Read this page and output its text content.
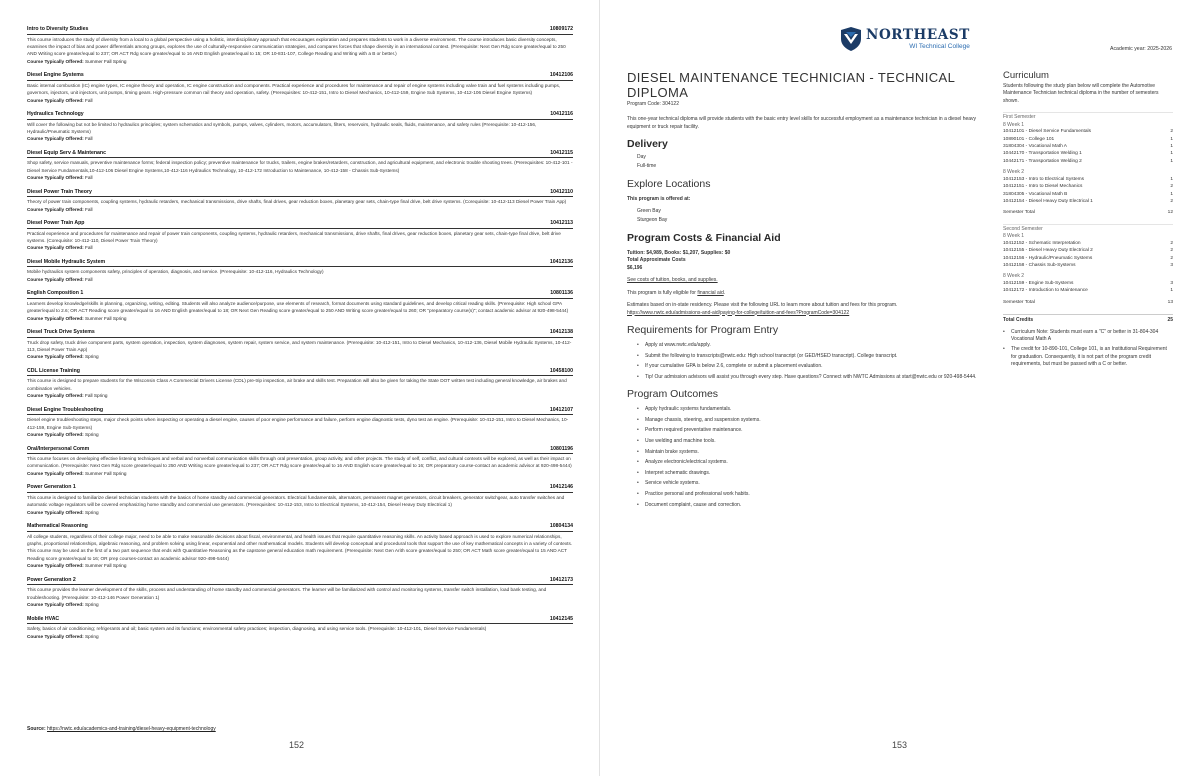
Intro to Diversity Studies	10809172
This course introduces the study of diversity from a local to a global perspective using a holistic, interdisciplinary approach that encourages exploration and prepares students to work in a diverse environment. The course introduces basic diversity concepts, examines the impact of bias and power differentials among groups, explores the use of culturally-responsive communication strategies, and compares forces that shape diversity in an international context. (Prerequisite: Next Gen Rdg score greater/equal to 250 AND Writing score greater/equal to 237; OR ACT Rdg score greater/equal to 16 AND English greater/equal to 15; OR 10-831-107, College Reading and Writing with a B or better.)
Course Typically Offered: Summer Fall Spring
Diesel Engine Systems	10412106
Basic internal combustion (IC) engine types, IC engine theory and operation, IC engine construction and components. Practical experience and procedures for maintenance and repair of engine systems including valve train and fuel systems including pumps, governors, injectors, unit injectors, unit pumps, timing gears. High-pressure common rail theory and operation, safety. (Prerequisites: 10-412-151, Intro to Diesel Mechanics, 10-412-159, Engine Sub Systems, 10-412-106 Diesel Engine Systems)
Course Typically Offered: Fall
Hydraulics Technology	10412116
Will cover the following but not be limited to hydraulics principles; system schematics and symbols, pumps, valves, cylinders, motors, accumulators, filters, reservoirs, hydraulic seals, fluids, maintenance, and safety rules (Prerequisite: 10-412-156, Hydraulic/Pneumatic Systems)
Course Typically Offered: Fall
Diesel Equip Serv & Maintenanc	10412115
Shop safety, service manuals, preventive maintenance forms; federal inspection policy; preventive maintenance for trucks, trailers, engine brakes/retarders, construction, and agricultural equipment, and electronic trouble shooting trees. (Prerequisites: 10-412-101 - Diesel Service Fundamentals,10-412-106 Diesel Engine Systems,10-412-116 Hydraulics Technology, 10-412-172 Introduction to Maintenance, 10-412-158 - Chassis Sub-Systems)
Course Typically Offered: Fall
Diesel Power Train Theory	10412110
Theory of power train components, coupling systems, hydraulic retarders, mechanical transmissions, drive shafts, final drives, gear reduction boxes, planetary gear sets, chain-type final drive, belt drive systems. (Corequisite: 10-412-113 Diesel Power Train App)
Course Typically Offered: Fall
Diesel Power Train App	10412113
Practical experience and procedures for maintenance and repair of power train components, coupling systems, hydraulic retarders, mechanical transmissions, drive shafts, final drives, gear reduction boxes, planetary gear sets, chain-type final drive, belt drive systems. (Corequisite: 10-412-110, Diesel Power Train Theory)
Course Typically Offered: Fall
Diesel Mobile Hydraulic System	10412136
Mobile hydraulics system components safety, principles of operation, diagnosis, and service. (Prerequisite: 10-412-116, Hydraulics Technology)
Course Typically Offered: Fall
English Composition 1	10801136
Learners develop knowledge/skills in planning, organizing, writing, editing. Students will also analyze audience/purpose, use elements of research, format documents using standard guidelines, and develop critical reading skills. (Prerequisite: High school GPA greater/equal to 2.6; OR ACT Reading score greater/equal to 16 AND English greater/equal to 18; OR Next Gen Reading score greater/equal to 250 AND Writing score greater/equal to 260; OR "preparatory course(s)"; contact academic advisor at 920-498-5444)
Course Typically Offered: Summer Fall Spring
Diesel Truck Drive Systems	10412138
Truck drop safety, truck drive component parts, system operation, inspection, system diagnoses, system repair, system service, and system maintenance. (Prerequisite: 10-412-151, Intro to Diesel Mechanics, 10-412-136, Diesel Mobile Hydraulic Systems, 10-412-113, Diesel Power Train App)
Course Typically Offered: Spring
CDL License Training	10458100
This course is designed to prepare students for the Wisconsin Class A Commercial Drivers License (CDL) pre-trip inspection, air brake and skills test. Preparation will also be given for taking the State DOT written test including general knowledge, air brakes and combination vehicles.
Course Typically Offered: Fall Spring
Diesel Engine Troubleshooting	10412107
Diesel engine troubleshooting steps, major check points when inspecting or operating a diesel engine, causes of poor engine performance and failure, perform engine diagnostic tests, dyno test an engine. (Prerequisite: 10-412-151, Intro to Diesel Mechanics, 10-412-159, Engine Sub-Systems)
Course Typically Offered: Spring
Oral/Interpersonal Comm	10801196
This course focuses on developing effective listening techniques and verbal and nonverbal communication skills through oral presentation, group activity, and other projects. The study of self, conflict, and cultural contexts will be explored, as well as their impact on communication. (Prerequisite: Next Gen Rdg score greater/equal to 250 AND Writing score greater/equal to 237; OR ACT Rdg score greater/equal to 16 AND English score greater/equal to 16; OR preparatory course-contact an academic advisor at 920-498-5444)
Course Typically Offered: Summer Fall Spring
Power Generation 1	10412146
This course is designed to familiarize diesel technician students with the basics of home standby and commercial generators. Electrical fundamentals, alternators, permanent magnet generators, circuit breakers, generator switchgear, auto transfer switches and automatic voltage regulators will be covered emphasizing home standby and commercial use generators. (Prerequisites: 10-412-153, Intro to Electrical Systems, 10-412-154, Diesel Heavy Duty Electrical 1)
Course Typically Offered: Spring
Mathematical Reasoning	10804134
All college students, regardless of their college major, need to be able to make reasonable decisions about fiscal, environmental, and health issues that require quantitative reasoning skills. An activity based approach is used to explore numerical relationships, graphs, proportional relationships, algebraic reasoning, and problem solving using linear, exponential and other mathematical models. Students will develop conceptual and procedural tools that support the use of key mathematical concepts in a variety of contexts. This course may be used as the first of a two part sequence that ends with Quantitative Reasoning as the capstone general education math requirement. (Prerequisite: Next Gen Arith score greater/equal to 250; OR ACT Math score greater/equal to 15 AND ACT Reading score greater/equal to 16; OR prep courses-contact an academic advisor 920-498-5444)
Course Typically Offered: Summer Fall Spring
Power Generation 2	10412173
This course provides the learner development of the skills, process and understanding of home standby and commercial generators. The learner will be familiarized with control and monitoring systems, transfer switch installation, load bank testing, and troubleshooting. (Prerequisite: 10-412-146 Power Generation 1)
Course Typically Offered: Spring
Mobile HVAC	10412145
Safety, basics of air conditioning; refrigerants and oil; basic system and its functions; environmental safety practices; inspection, diagnosing, and using service tools. (Prerequisite: 10-412-101, Diesel Service Fundamentals)
Course Typically Offered: Spring
Source: https://nwtc.edu/academics-and-training/diesel-heavy-equipment-technology
152
NORTHEAST
WI Technical College	Academic year: 2025-2026
DIESEL MAINTENANCE TECHNICIAN - TECHNICAL DIPLOMA
Program Code: 304122
This one-year technical diploma will provide students with the basic entry level skills for successful employment as a maintenance technician in a diesel heavy equipment or truck repair facility.
Delivery
Day
Full-time
Explore Locations
This program is offered at:
Green Bay
Sturgeon Bay
Program Costs & Financial Aid
Tuition: $4,989, Books: $1,207, Supplies: $0
Total Approximate Costs
$6,196
See costs of tuition, books, and supplies.
This program is fully eligible for financial aid.
Estimates based on in-state residency. Please visit the following URL to learn more about tuition and fees for this program.
https://www.nwtc.edu/admissions-and-aid/paying-for-college/tuition-and-fees?ProgramCode=304122
Requirements for Program Entry
• Apply at www.nwtc.edu/apply.
• Submit the following to transcripts@nwtc.edu: High school transcript (or GED/HSED transcript). College transcript.
• If your cumulative GPA is below 2.6, complete or submit a placement evaluation.
• Tip! Our admission advisors will assist you through every step. Have questions? Connect with NWTC Admissions at start@nwtc.edu or 920-498-5444.
Program Outcomes
• Apply hydraulic systems fundamentals.
• Manage chassis, steering, and suspension systems.
• Perform required preventative maintenance.
• Use welding and machine tools.
• Maintain brake systems.
• Analyze electronic/electrical systems.
• Interpret schematic drawings.
• Service vehicle systems.
• Practice personal and professional work habits.
• Document complaint, cause and correction.
Curriculum
Students following the study plan below will complete the Automotive Maintenance Technician technical diploma in the number of semesters shown.
First Semester
8 Week 1
10412101 - Diesel Service Fundamentals	2
10890101 - College 101	1
31804304 - Vocational Math A	1
10442170 - Transportation Welding 1	1
10442171 - Transportation Welding 2	1
8 Week 2
10412153 - Intro to Electrical Systems	1
10412151 - Intro to Diesel Mechanics	2
31804305 - Vocational Math B	1
10412154 - Diesel Heavy Duty Electrical 1	2
Semester Total	12
Second Semester
8 Week 1
10412152 - Schematic Interpretation	2
10412155 - Diesel Heavy Duty Electrical 2	2
10412156 - Hydraulic/Pneumatic Systems	2
10412158 - Chassis Sub-Systems	3
8 Week 2
10412159 - Engine Sub-Systems	3
10412172 - Introduction to Maintenance	1
Semester Total	13
Total Credits	25
• Curriculum Note: Students must earn a "C" or better in 31-804-304 Vocational Math A
• The credit for 10-890-101, College 101, is an Institutional Requirement for graduation. Consequently, it is not part of the program credit requirements, but must be passed with a C or better.
153
